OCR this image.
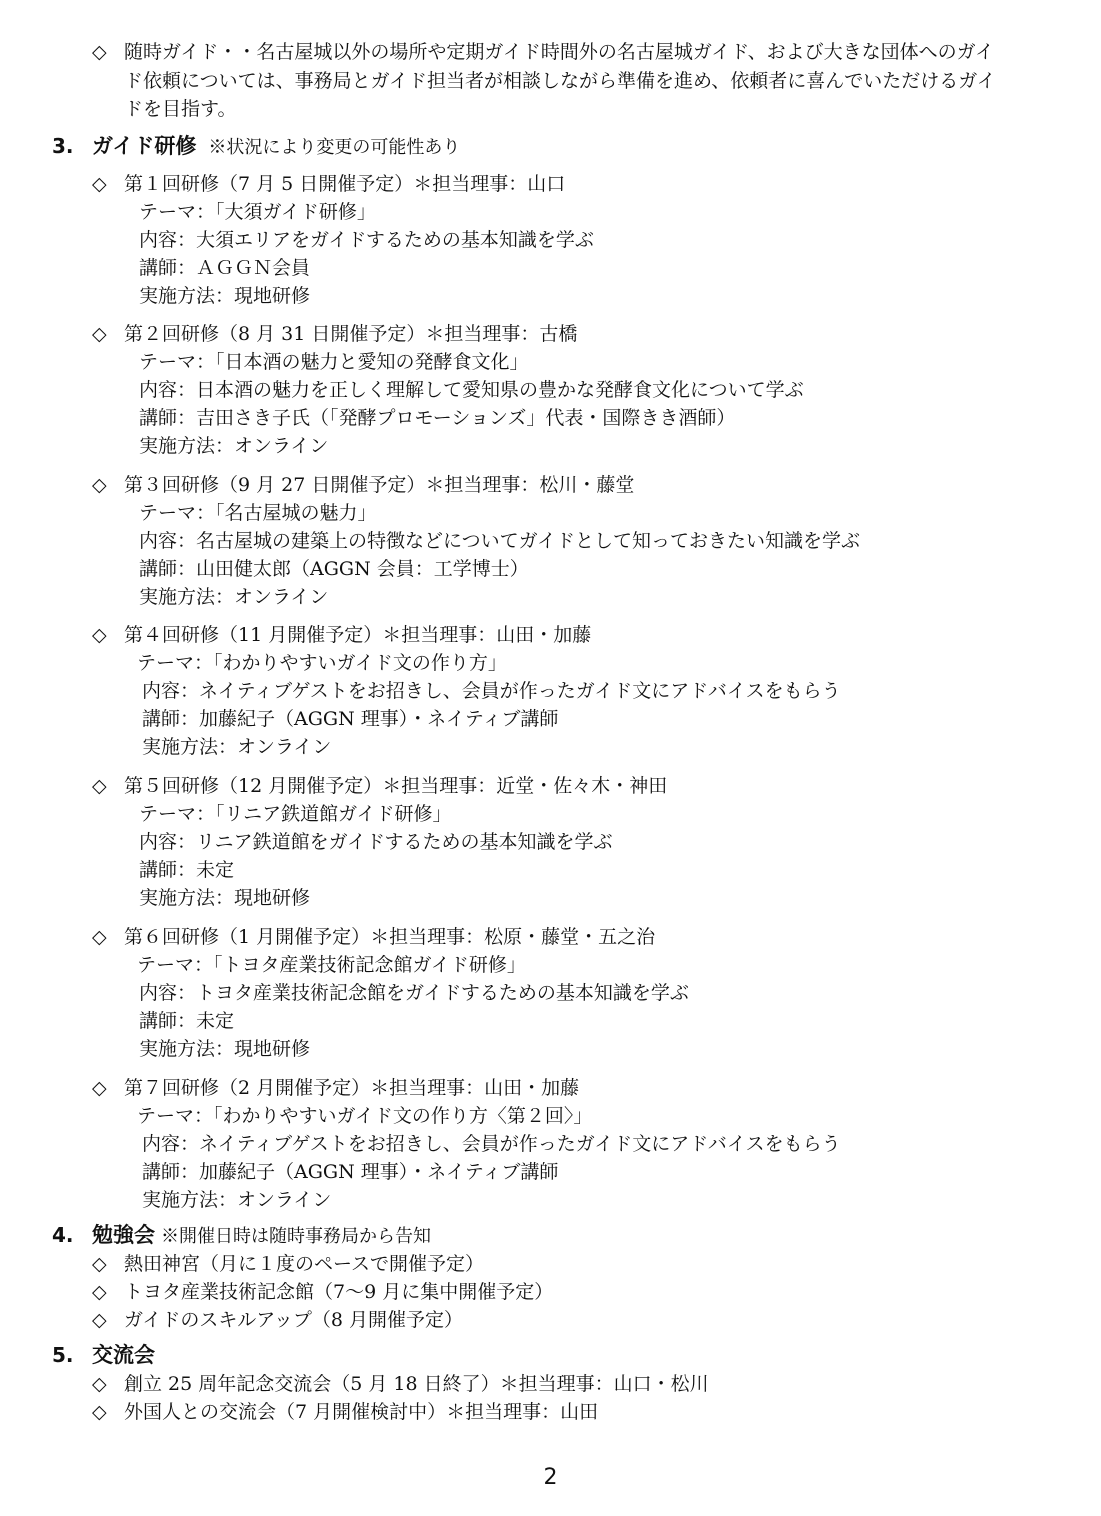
◇ 随時ガイド・・名古屋城以外の場所や定期ガイド時間外の名古屋城ガイド、および大きな団体へのガイ
ド依頼については、事務局とガイド担当者が相談しながら準備を進め、依頼者に喜んでいただけるガイ
ドを目指す。
3. ガイド研修 ※状況により変更の可能性あり
◇ 第１回研修（7 月 5 日開催予定）＊担当理事：山口
テーマ：「大須ガイド研修」
内容：大須エリアをガイドするための基本知識を学ぶ
講師：ＡＧＧＮ会員
実施方法：現地研修
◇ 第２回研修（8 月 31 日開催予定）＊担当理事：古橋
テーマ：「日本酒の魅力と愛知の発酵食文化」
内容：日本酒の魅力を正しく理解して愛知県の豊かな発酵食文化について学ぶ
講師：吉田さき子氏（「発酵プロモーションズ」代表・国際きき酒師）
実施方法：オンライン
◇ 第３回研修（9 月 27 日開催予定）＊担当理事：松川・藤堂
テーマ：「名古屋城の魅力」
内容：名古屋城の建築上の特徴などについてガイドとして知っておきたい知識を学ぶ
講師：山田健太郎（AGGN 会員：工学博士）
実施方法：オンライン
◇ 第４回研修（11 月開催予定）＊担当理事：山田・加藤
テーマ：「わかりやすいガイド文の作り方」
内容：ネイティブゲストをお招きし、会員が作ったガイド文にアドバイスをもらう
講師：加藤紀子（AGGN 理事）・ネイティブ講師
実施方法：オンライン
◇ 第５回研修（12 月開催予定）＊担当理事：近堂・佐々木・神田
テーマ：「リニア鉄道館ガイド研修」
内容：リニア鉄道館をガイドするための基本知識を学ぶ
講師：未定
実施方法：現地研修
◇ 第６回研修（1 月開催予定）＊担当理事：松原・藤堂・五之治
テーマ：「トヨタ産業技術記念館ガイド研修」
内容：トヨタ産業技術記念館をガイドするための基本知識を学ぶ
講師：未定
実施方法：現地研修
◇ 第７回研修（2 月開催予定）＊担当理事：山田・加藤
テーマ：「わかりやすいガイド文の作り方〈第２回〉」
内容：ネイティブゲストをお招きし、会員が作ったガイド文にアドバイスをもらう
講師：加藤紀子（AGGN 理事）・ネイティブ講師
実施方法：オンライン
4. 勉強会 ※開催日時は随時事務局から告知
◇ 熱田神宮（月に１度のペースで開催予定）
◇ トヨタ産業技術記念館（7～9 月に集中開催予定）
◇ ガイドのスキルアップ（8 月開催予定）
5. 交流会
◇ 創立 25 周年記念交流会（5 月 18 日終了）＊担当理事：山口・松川
◇ 外国人との交流会（7 月開催検討中）＊担当理事：山田
2
